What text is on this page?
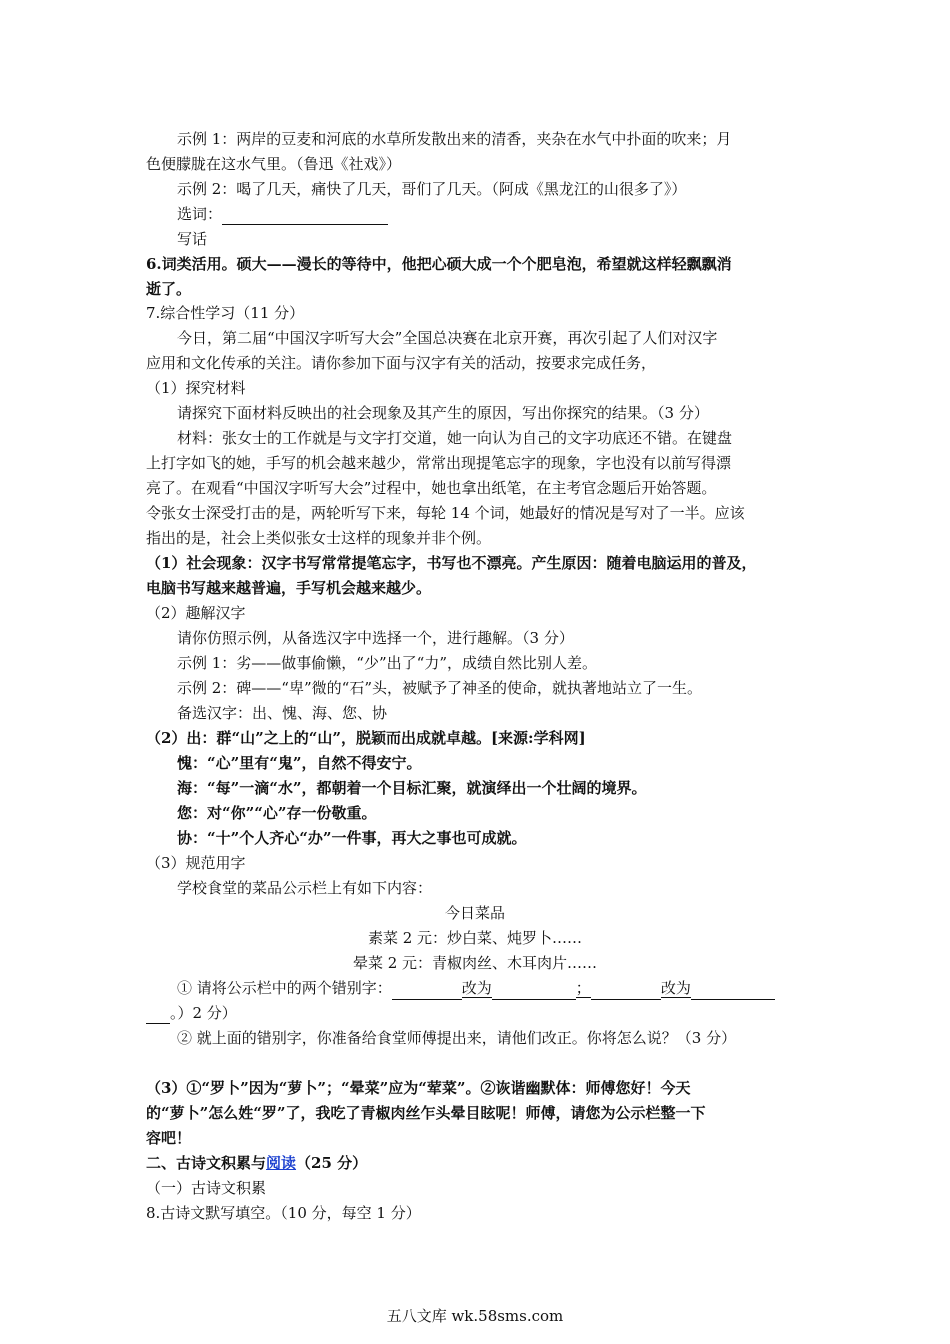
示例 1：两岸的豆麦和河底的水草所发散出来的清香，夹杂在水气中扑面的吹来；月
色便朦胧在这水气里。（鲁迅《社戏》）
示例 2：喝了几天，痛快了几天，哥们了几天。（阿成《黑龙江的山很多了》）
选词：
写话
6.词类活用。硕大——漫长的等待中，他把心硕大成一个个肥皂泡，希望就这样轻飘飘消
逝了。
7.综合性学习（11 分）
今日，第二届“中国汉字听写大会”全国总决赛在北京开赛，再次引起了人们对汉字
应用和文化传承的关注。请你参加下面与汉字有关的活动，按要求完成任务，
（1）探究材料
请探究下面材料反映出的社会现象及其产生的原因，写出你探究的结果。（3 分）
材料：张女士的工作就是与文字打交道，她一向认为自己的文字功底还不错。在键盘
上打字如飞的她，手写的机会越来越少，常常出现提笔忘字的现象，字也没有以前写得漂
亮了。在观看“中国汉字听写大会”过程中，她也拿出纸笔，在主考官念题后开始答题。
令张女士深受打击的是，两轮听写下来，每轮 14 个词，她最好的情况是写对了一半。应该
指出的是，社会上类似张女士这样的现象并非个例。
（1）社会现象：汉字书写常常提笔忘字，书写也不漂亮。产生原因：随着电脑运用的普及，
电脑书写越来越普遍，手写机会越来越少。
（2）趣解汉字
请你仿照示例，从备选汉字中选择一个，进行趣解。（3 分）
示例 1：劣——做事偷懒，“少”出了“力”，成绩自然比别人差。
示例 2：碑——“卑”微的“石”头，被赋予了神圣的使命，就执著地站立了一生。
备选汉字：出、愧、海、您、协
（2）出：群“山”之上的“山”，脱颖而出成就卓越。[来源:学科网]
愧：“心”里有“鬼”，自然不得安宁。
海：“每”一滴“水”，都朝着一个目标汇聚，就演绎出一个壮阔的境界。
您：对“你”“心”存一份敬重。
协：“十”个人齐心“办”一件事，再大之事也可成就。
（3）规范用字
学校食堂的菜品公示栏上有如下内容：
今日菜品
素菜 2 元：炒白菜、炖罗卜……
晕菜 2 元：青椒肉丝、木耳肉片……
① 请将公示栏中的两个错别字：	改为	；	改为
。）2 分）
② 就上面的错别字，你准备给食堂师傅提出来，请他们改正。你将怎么说？（3 分）
（3）①“罗卜”因为“萝卜”；“晕菜”应为“荤菜”。②诙谐幽默体：师傅您好！今天
的“萝卜”怎么姓“罗”了，我吃了青椒肉丝乍头晕目眩呢！师傅，请您为公示栏整一下
容吧！
二、古诗文积累与阅读（25 分）
（一）古诗文积累
8.古诗文默写填空。（10 分，每空 1 分）
五八文库 wk.58sms.com
